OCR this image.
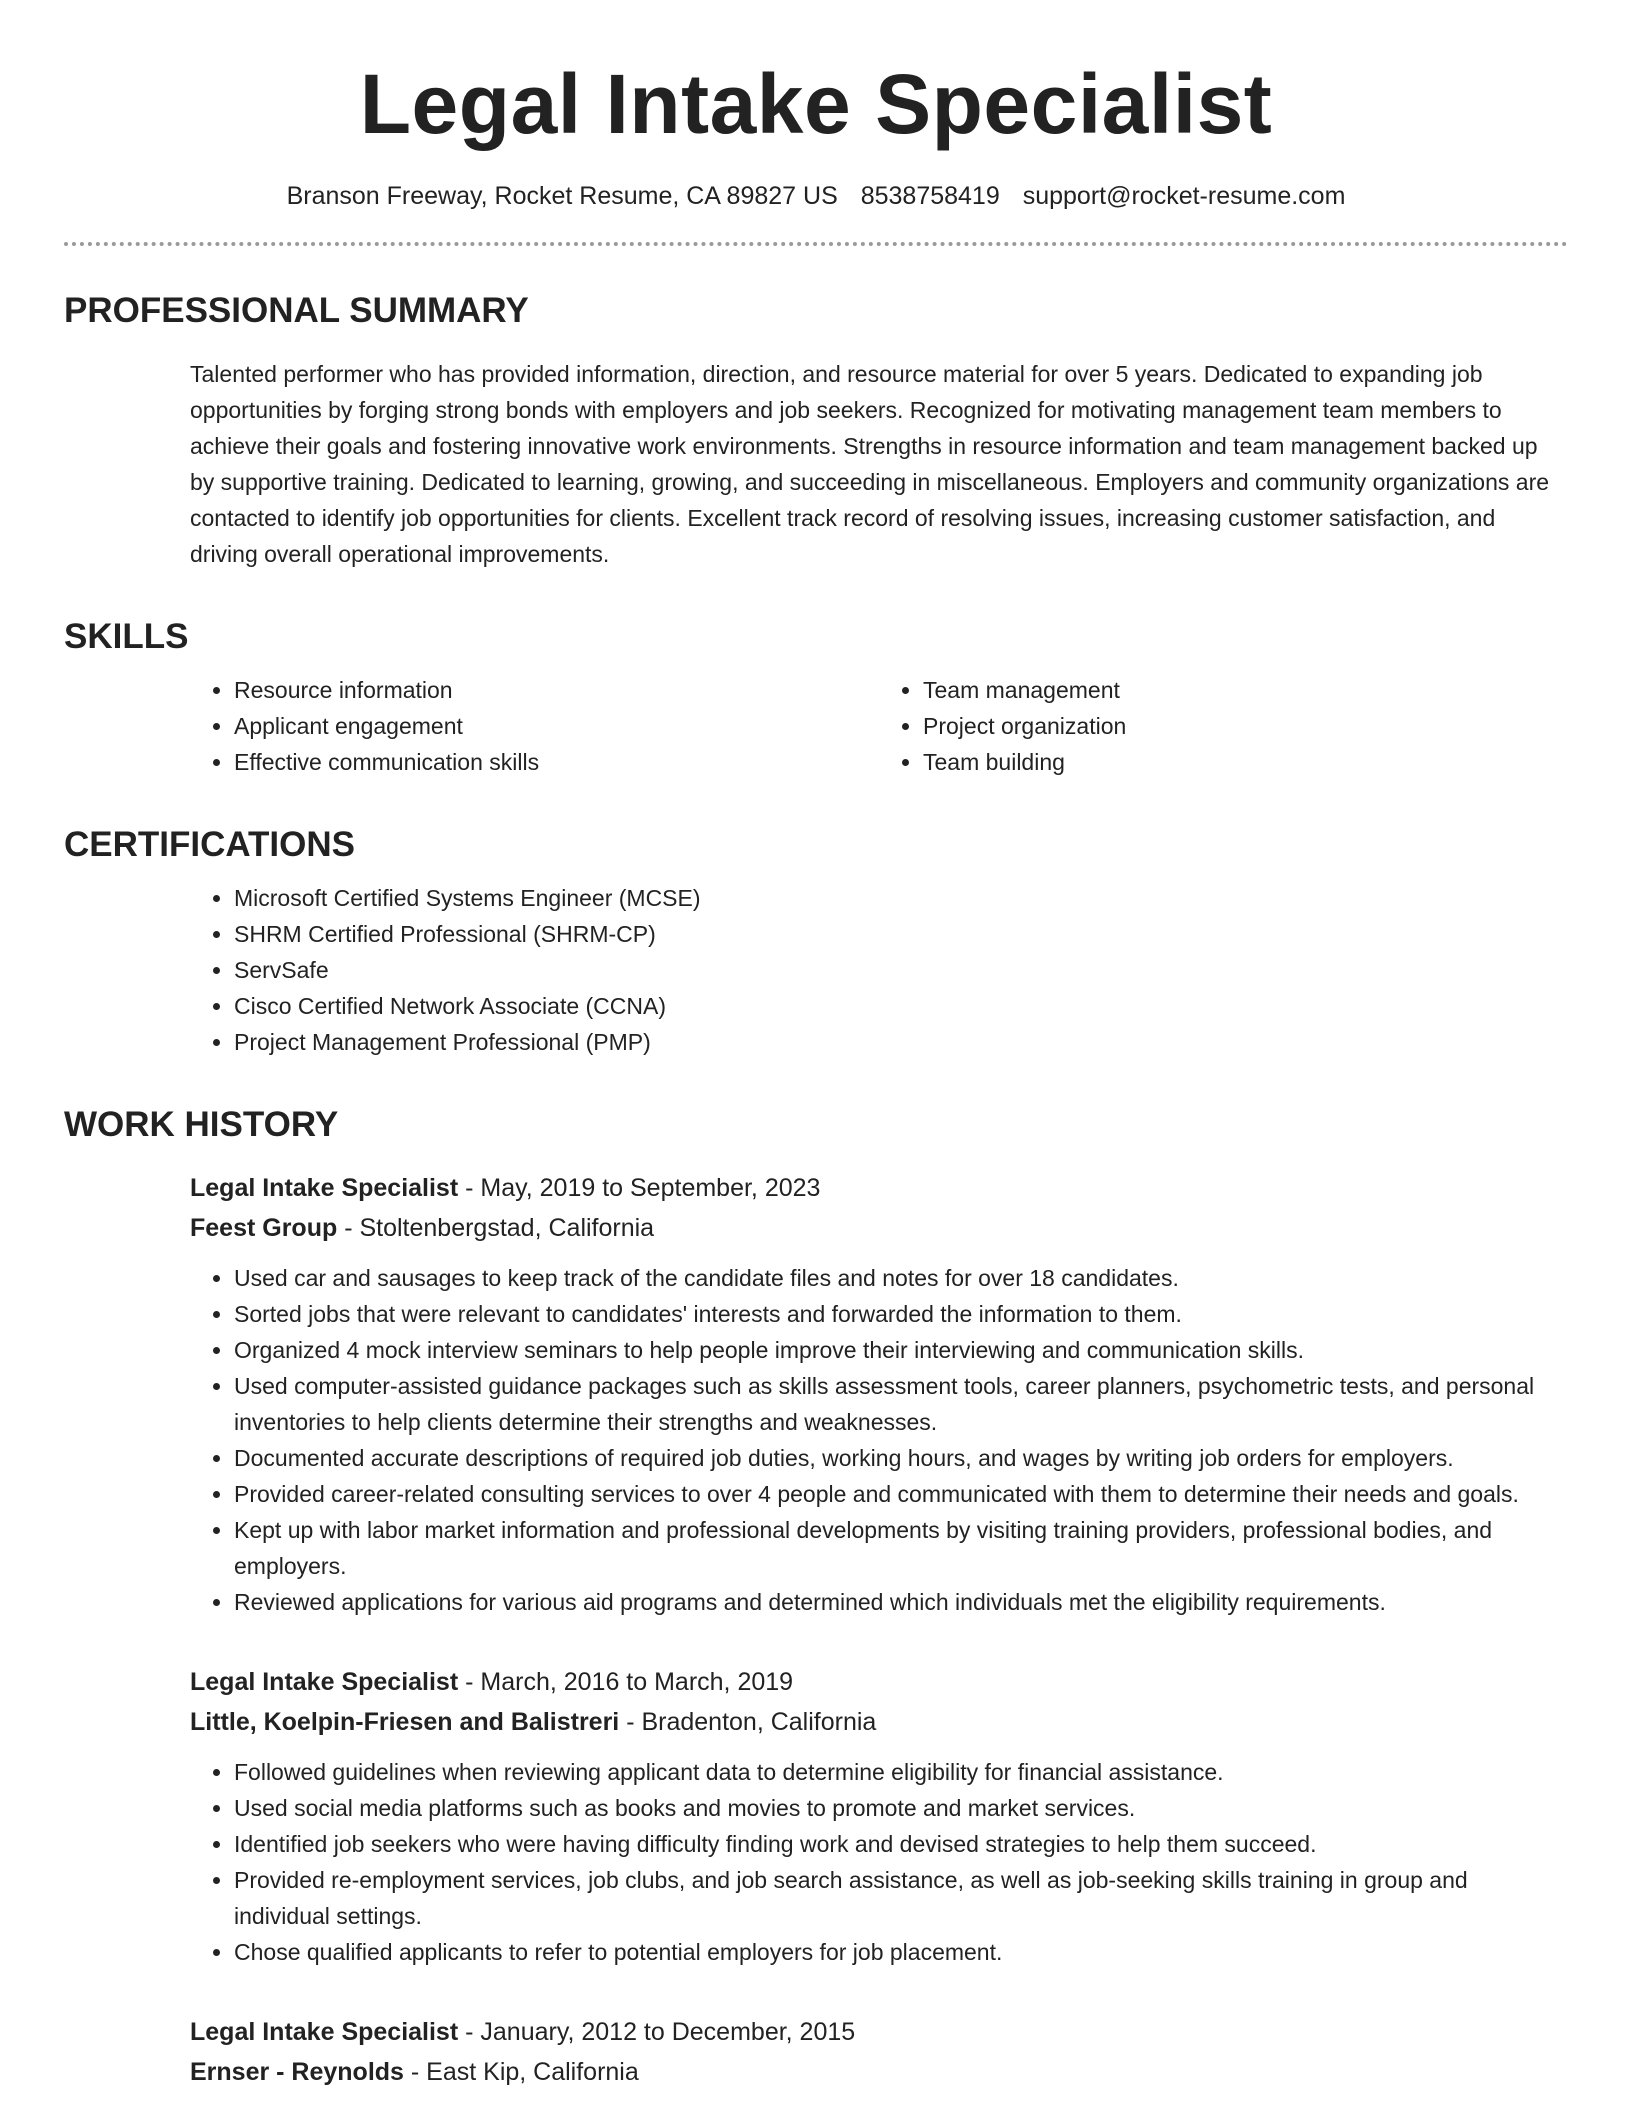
Legal Intake Specialist
Branson Freeway, Rocket Resume, CA 89827 US 8538758419 support@rocket-resume.com
PROFESSIONAL SUMMARY

Talented performer who has provided information, direction, and resource material for over 5 years. Dedicated to expanding job opportunities by forging strong bonds with employers and job seekers. Recognized for motivating management team members to achieve their goals and fostering innovative work environments. Strengths in resource information and team management backed up by supportive training. Dedicated to learning, growing, and succeeding in miscellaneous. Employers and community organizations are contacted to identify job opportunities for clients. Excellent track record of resolving issues, increasing customer satisfaction, and driving overall operational improvements.

SKILLS
• Resource information
• Applicant engagement
• Effective communication skills
• Team management
• Project organization
• Team building
CERTIFICATIONS
• Microsoft Certified Systems Engineer (MCSE)
• SHRM Certified Professional (SHRM-CP)
• ServSafe
• Cisco Certified Network Associate (CCNA)
• Project Management Professional (PMP)
WORK HISTORY
Legal Intake Specialist - May, 2019 to September, 2023
Feest Group - Stoltenbergstad, California
• Used car and sausages to keep track of the candidate files and notes for over 18 candidates.
• Sorted jobs that were relevant to candidates' interests and forwarded the information to them.
• Organized 4 mock interview seminars to help people improve their interviewing and communication skills.
• Used computer-assisted guidance packages such as skills assessment tools, career planners, psychometric tests, and personal inventories to help clients determine their strengths and weaknesses.
• Documented accurate descriptions of required job duties, working hours, and wages by writing job orders for employers.
• Provided career-related consulting services to over 4 people and communicated with them to determine their needs and goals.
• Kept up with labor market information and professional developments by visiting training providers, professional bodies, and employers.
• Reviewed applications for various aid programs and determined which individuals met the eligibility requirements.
Legal Intake Specialist - March, 2016 to March, 2019
Little, Koelpin-Friesen and Balistreri - Bradenton, California
• Followed guidelines when reviewing applicant data to determine eligibility for financial assistance.
• Used social media platforms such as books and movies to promote and market services.
• Identified job seekers who were having difficulty finding work and devised strategies to help them succeed.
• Provided re-employment services, job clubs, and job search assistance, as well as job-seeking skills training in group and individual settings.
• Chose qualified applicants to refer to potential employers for job placement.
Legal Intake Specialist - January, 2012 to December, 2015
Ernser - Reynolds - East Kip, California
